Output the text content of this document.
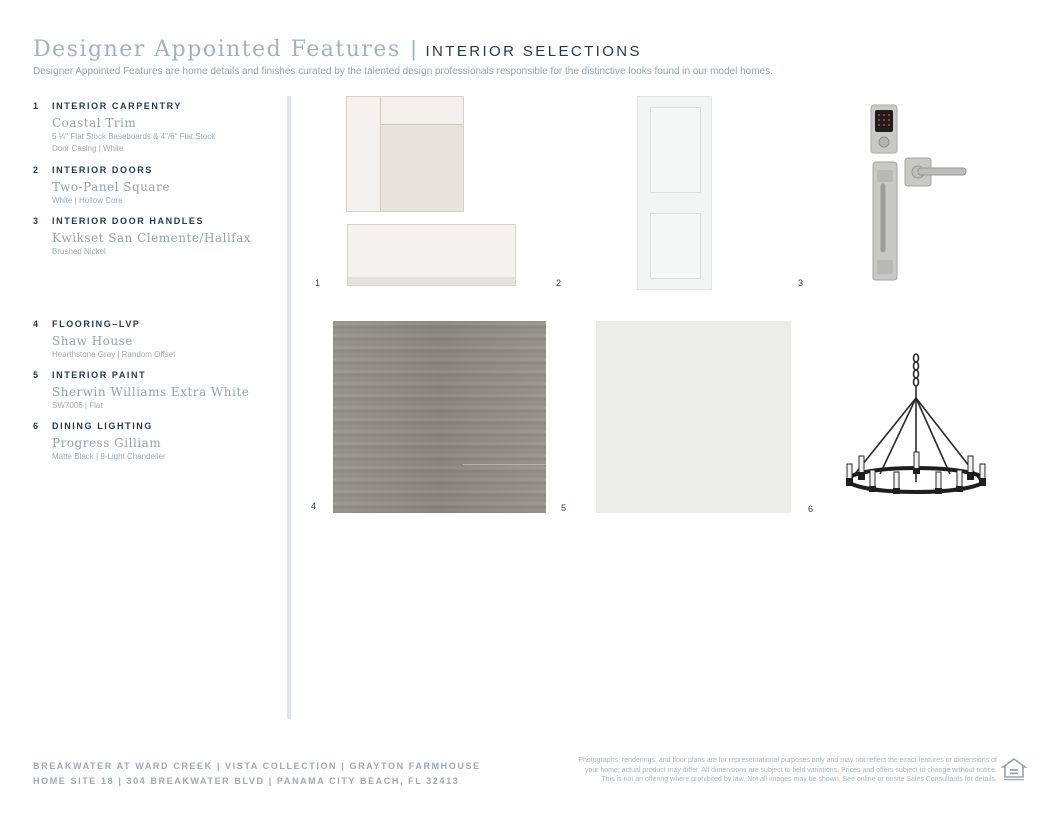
Designer Appointed Features | INTERIOR SELECTIONS
Designer Appointed Features are home details and finishes curated by the talented design professionals responsible for the distinctive looks found in our model homes.
1	INTERIOR CARPENTRY
Coastal Trim
5 ¼" Flat Stock Baseboards & 4"/6" Flat Stock
Door Casing | White
2	INTERIOR DOORS
Two-Panel Square
White | Hollow Core
3	INTERIOR DOOR HANDLES
Kwikset San Clemente/Halifax
Brushed Nickel
4	FLOORING–LVP
Shaw House
Hearthstone Gray | Random Offset
5	INTERIOR PAINT
Sherwin Williams Extra White
SW7006 | Flat
6	DINING LIGHTING
Progress Gilliam
Matte Black | 9-Light Chandelier
1	2	3
4	5	6
BREAKWATER AT WARD CREEK | VISTA COLLECTION | GRAYTON FARMHOUSE
HOME SITE 18 | 304 BREAKWATER BLVD | PANAMA CITY BEACH, FL 32413
Photographs, renderings, and floor plans are for representational purposes only and may not reflect the exact features or dimensions of
your home; actual product may differ. All dimensions are subject to field variations. Prices and offers subject to change without notice.
This is not an offering where prohibited by law. Not all images may be shown. See online or onsite Sales Consultants for details.
